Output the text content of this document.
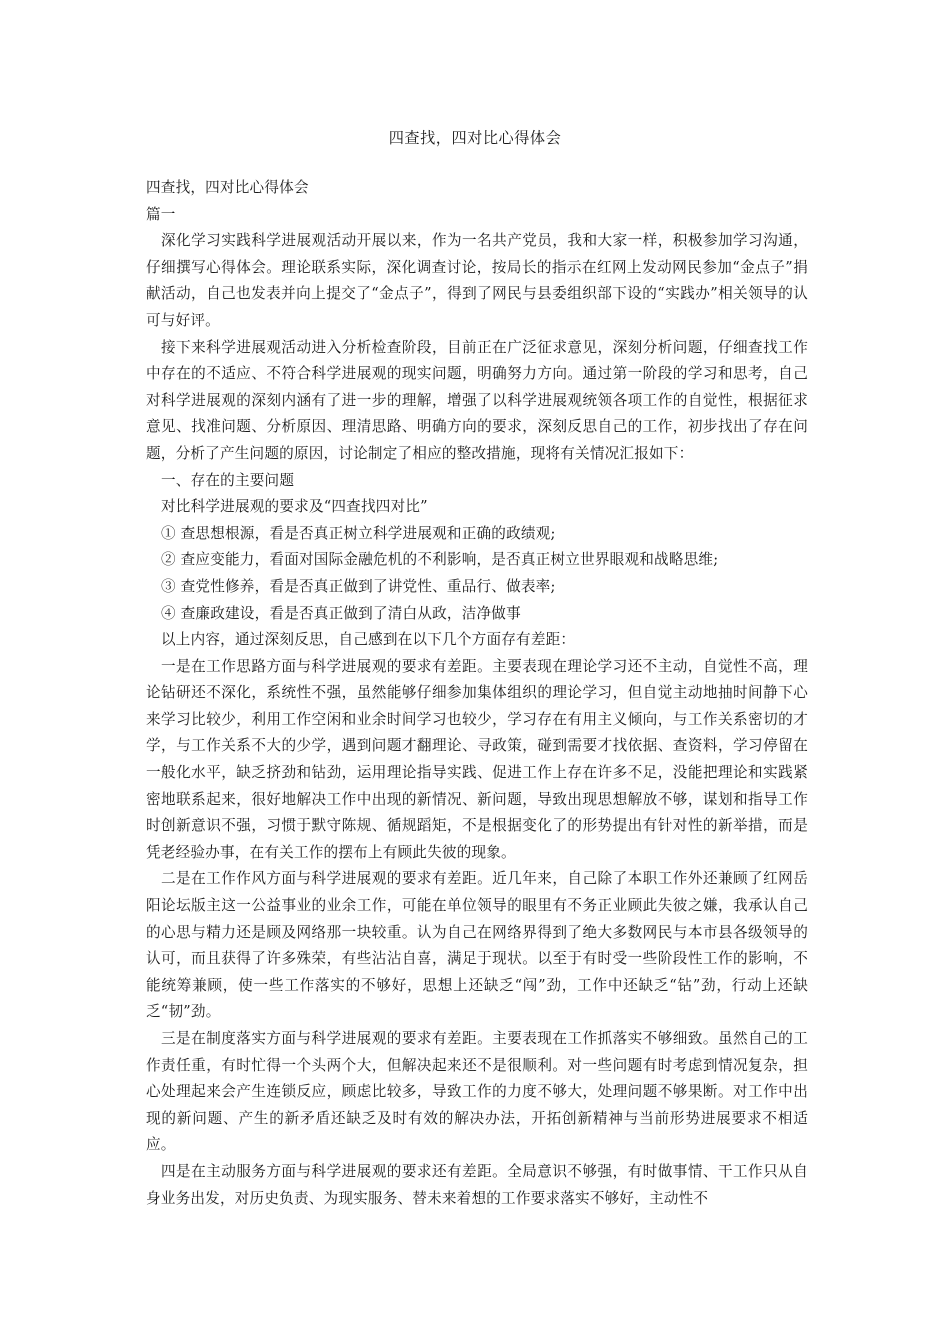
四查找，四对比心得体会

四查找，四对比心得体会

篇一

深化学习实践科学进展观活动开展以来，作为一名共产党员，我和大家一样，积极参加学习沟通，仔细撰写心得体会。理论联系实际，深化调查讨论，按局长的指示在红网上发动网民参加“金点子”捐献活动，自己也发表并向上提交了“金点子”，得到了网民与县委组织部下设的“实践办”相关领导的认可与好评。

接下来科学进展观活动进入分析检查阶段，目前正在广泛征求意见，深刻分析问题，仔细查找工作中存在的不适应、不符合科学进展观的现实问题，明确努力方向。通过第一阶段的学习和思考，自己对科学进展观的深刻内涵有了进一步的理解，增强了以科学进展观统领各项工作的自觉性，根据征求意见、找准问题、分析原因、理清思路、明确方向的要求，深刻反思自己的工作，初步找出了存在问题，分析了产生问题的原因，讨论制定了相应的整改措施，现将有关情况汇报如下：

一、存在的主要问题

对比科学进展观的要求及“四查找四对比”

① 查思想根源，看是否真正树立科学进展观和正确的政绩观;

② 查应变能力，看面对国际金融危机的不利影响，是否真正树立世界眼观和战略思维;

③ 查党性修养，看是否真正做到了讲党性、重品行、做表率;

④ 查廉政建设，看是否真正做到了清白从政，洁净做事

以上内容，通过深刻反思，自己感到在以下几个方面存有差距：

一是在工作思路方面与科学进展观的要求有差距。主要表现在理论学习还不主动，自觉性不高，理论钻研还不深化，系统性不强，虽然能够仔细参加集体组织的理论学习，但自觉主动地抽时间静下心来学习比较少，利用工作空闲和业余时间学习也较少，学习存在有用主义倾向，与工作关系密切的才学，与工作关系不大的少学，遇到问题才翻理论、寻政策，碰到需要才找依据、查资料，学习停留在一般化水平，缺乏挤劲和钻劲，运用理论指导实践、促进工作上存在许多不足，没能把理论和实践紧密地联系起来，很好地解决工作中出现的新情况、新问题，导致出现思想解放不够，谋划和指导工作时创新意识不强，习惯于默守陈规、循规蹈矩，不是根据变化了的形势提出有针对性的新举措，而是凭老经验办事，在有关工作的摆布上有顾此失彼的现象。

二是在工作作风方面与科学进展观的要求有差距。近几年来，自己除了本职工作外还兼顾了红网岳阳论坛版主这一公益事业的业余工作，可能在单位领导的眼里有不务正业顾此失彼之嫌，我承认自己的心思与精力还是顾及网络那一块较重。认为自己在网络界得到了绝大多数网民与本市县各级领导的认可，而且获得了许多殊荣，有些沾沾自喜，满足于现状。以至于有时受一些阶段性工作的影响，不能统筹兼顾，使一些工作落实的不够好，思想上还缺乏“闯”劲，工作中还缺乏“钻”劲，行动上还缺乏“韧”劲。

三是在制度落实方面与科学进展观的要求有差距。主要表现在工作抓落实不够细致。虽然自己的工作责任重，有时忙得一个头两个大，但解决起来还不是很顺利。对一些问题有时考虑到情况复杂，担心处理起来会产生连锁反应，顾虑比较多，导致工作的力度不够大，处理问题不够果断。对工作中出现的新问题、产生的新矛盾还缺乏及时有效的解决办法，开拓创新精神与当前形势进展要求不相适应。

四是在主动服务方面与科学进展观的要求还有差距。全局意识不够强，有时做事情、干工作只从自身业务出发，对历史负责、为现实服务、替未来着想的工作要求落实不够好，主动性不
